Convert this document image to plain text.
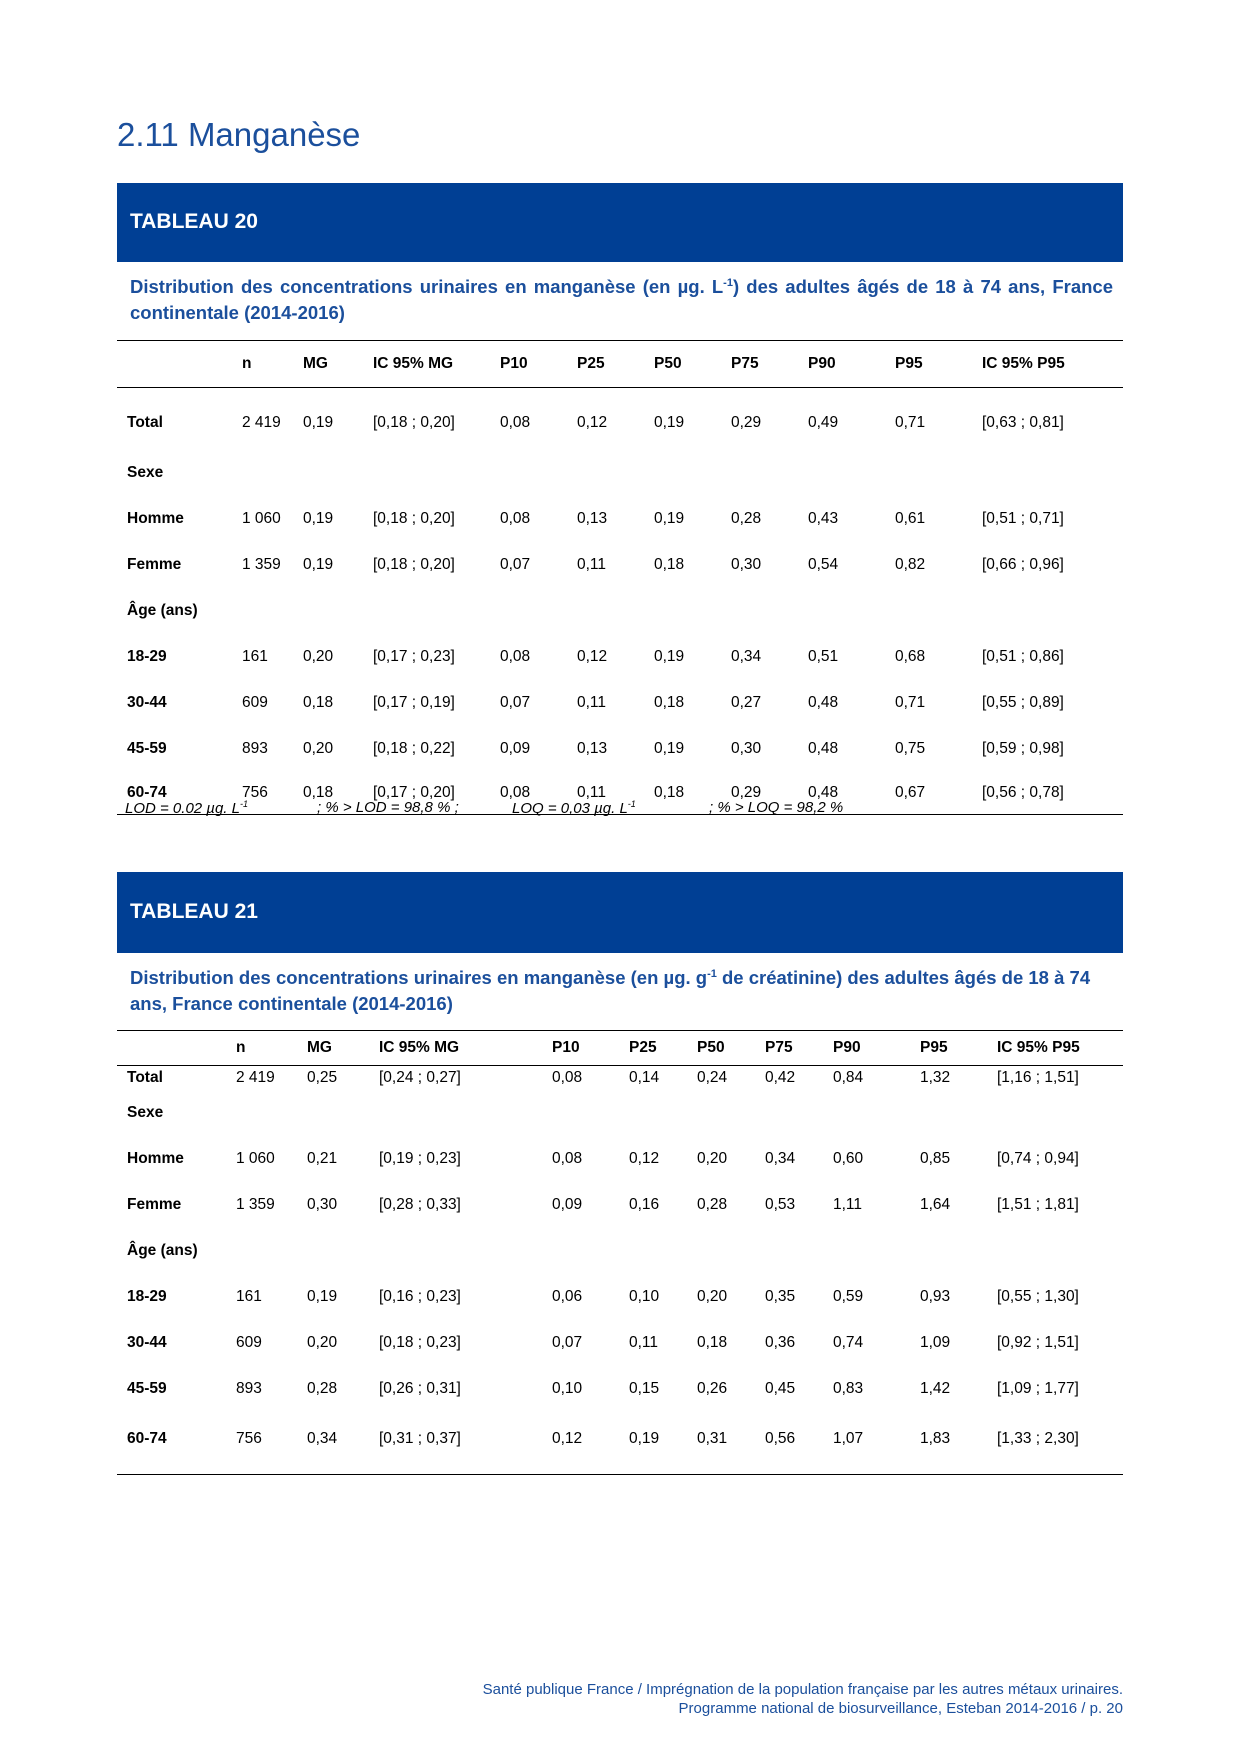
2.11 Manganèse
TABLEAU 20

Distribution des concentrations urinaires en manganèse (en µg. $L^{-1}$) des adultes âgés de 18 à 74 ans, France continentale (2014-2016)

	n	MG	IC 95% MG	P10	P25	P50	P75	P90	P95	IC 95% P95
Total	2 419	0,19	[0,18 ; 0,20]	0,08	0,12	0,19	0,29	0,49	0,71	[0,63 ; 0,81]
Sexe										
Homme	1 060	0,19	[0,18 ; 0,20]	0,08	0,13	0,19	0,28	0,43	0,61	[0,51 ; 0,71]
Femme	1 359	0,19	[0,18 ; 0,20]	0,07	0,11	0,18	0,30	0,54	0,82	[0,66 ; 0,96]
Âge (ans)										
18-29	161	0,20	[0,17 ; 0,23]	0,08	0,12	0,19	0,34	0,51	0,68	[0,51 ; 0,86]
30-44	609	0,18	[0,17 ; 0,19]	0,07	0,11	0,18	0,27	0,48	0,71	[0,55 ; 0,89]
45-59	893	0,20	[0,18 ; 0,22]	0,09	0,13	0,19	0,30	0,48	0,75	[0,59 ; 0,98]
60-74	756	0,18	[0,17 ; 0,20]	0,08	0,11	0,18	0,29	0,48	0,67	[0,56 ; 0,78]
LOD = 0.02 µg. $L^{-1}$	; % > LOD = 98,8 % ;	LOQ = 0,03 µg. $L^{-1}$	; % > LOQ = 98,2 %
TABLEAU 21

Distribution des concentrations urinaires en manganèse (en µg. $g^{-1}$ de créatinine) des adultes âgés de 18 à 74 ans, France continentale (2014-2016)

	n	MG	IC 95% MG	P10	P25	P50	P75	P90	P95	IC 95% P95
Total	2 419	0,25	[0,24 ; 0,27]	0,08	0,14	0,24	0,42	0,84	1,32	[1,16 ; 1,51]
Sexe										
Homme	1 060	0,21	[0,19 ; 0,23]	0,08	0,12	0,20	0,34	0,60	0,85	[0,74 ; 0,94]
Femme	1 359	0,30	[0,28 ; 0,33]	0,09	0,16	0,28	0,53	1,11	1,64	[1,51 ; 1,81]
Âge (ans)										
18-29	161	0,19	[0,16 ; 0,23]	0,06	0,10	0,20	0,35	0,59	0,93	[0,55 ; 1,30]
30-44	609	0,20	[0,18 ; 0,23]	0,07	0,11	0,18	0,36	0,74	1,09	[0,92 ; 1,51]
45-59	893	0,28	[0,26 ; 0,31]	0,10	0,15	0,26	0,45	0,83	1,42	[1,09 ; 1,77]
60-74	756	0,34	[0,31 ; 0,37]	0,12	0,19	0,31	0,56	1,07	1,83	[1,33 ; 2,30]
Santé publique France / Imprégnation de la population française par les autres métaux urinaires.
Programme national de biosurveillance, Esteban 2014-2016 / p. 20
